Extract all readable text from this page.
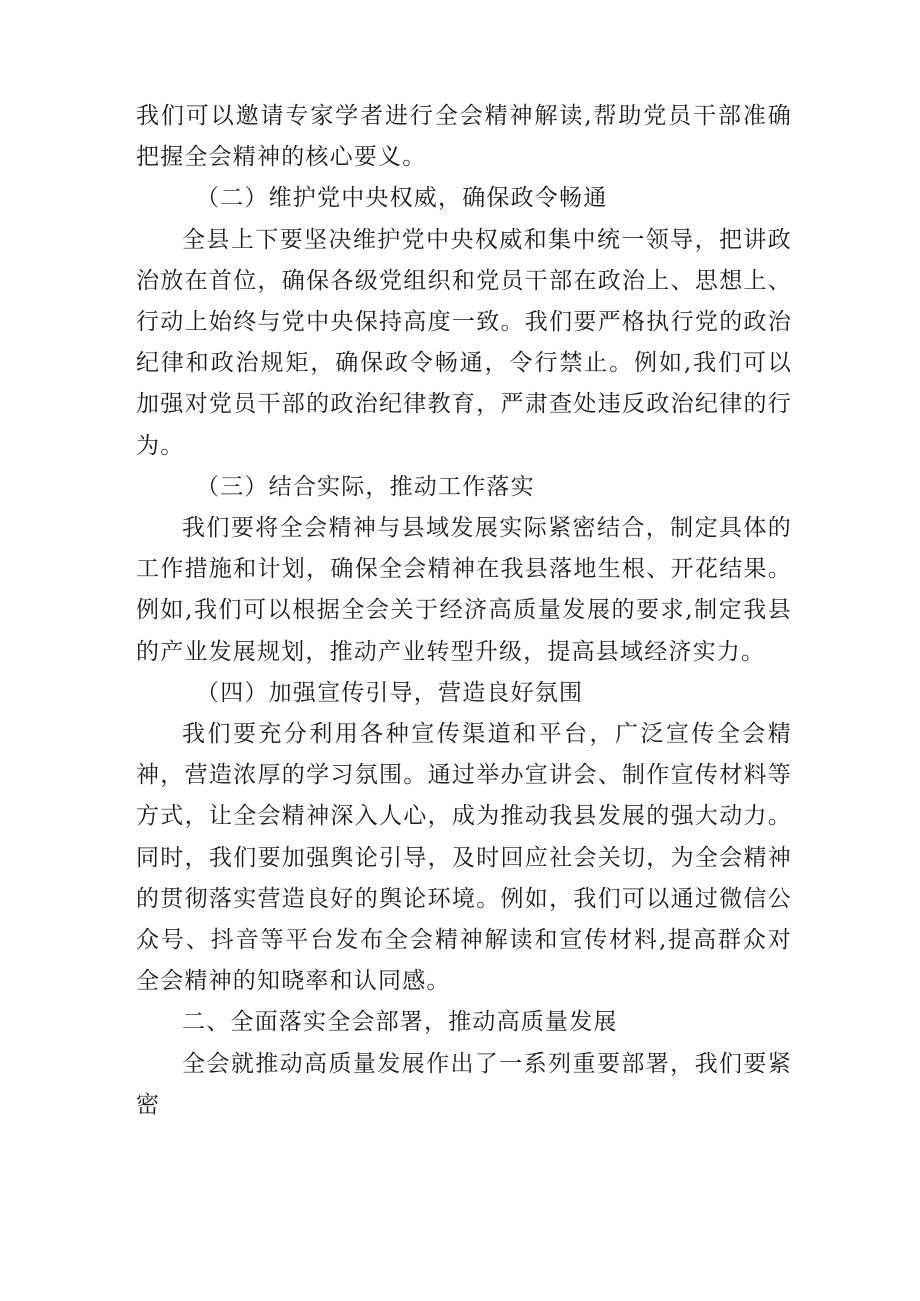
我们可以邀请专家学者进行全会精神解读,帮助党员干部准确把握全会精神的核心要义。

（二）维护党中央权威，确保政令畅通

全县上下要坚决维护党中央权威和集中统一领导，把讲政治放在首位，确保各级党组织和党员干部在政治上、思想上、行动上始终与党中央保持高度一致。我们要严格执行党的政治纪律和政治规矩，确保政令畅通，令行禁止。例如,我们可以加强对党员干部的政治纪律教育，严肃查处违反政治纪律的行为。

（三）结合实际，推动工作落实

我们要将全会精神与县域发展实际紧密结合，制定具体的工作措施和计划，确保全会精神在我县落地生根、开花结果。例如,我们可以根据全会关于经济高质量发展的要求,制定我县的产业发展规划，推动产业转型升级，提高县域经济实力。

（四）加强宣传引导，营造良好氛围

我们要充分利用各种宣传渠道和平台，广泛宣传全会精神，营造浓厚的学习氛围。通过举办宣讲会、制作宣传材料等方式，让全会精神深入人心，成为推动我县发展的强大动力。同时，我们要加强舆论引导，及时回应社会关切，为全会精神的贯彻落实营造良好的舆论环境。例如，我们可以通过微信公众号、抖音等平台发布全会精神解读和宣传材料,提高群众对全会精神的知晓率和认同感。

二、全面落实全会部署，推动高质量发展

全会就推动高质量发展作出了一系列重要部署，我们要紧密
